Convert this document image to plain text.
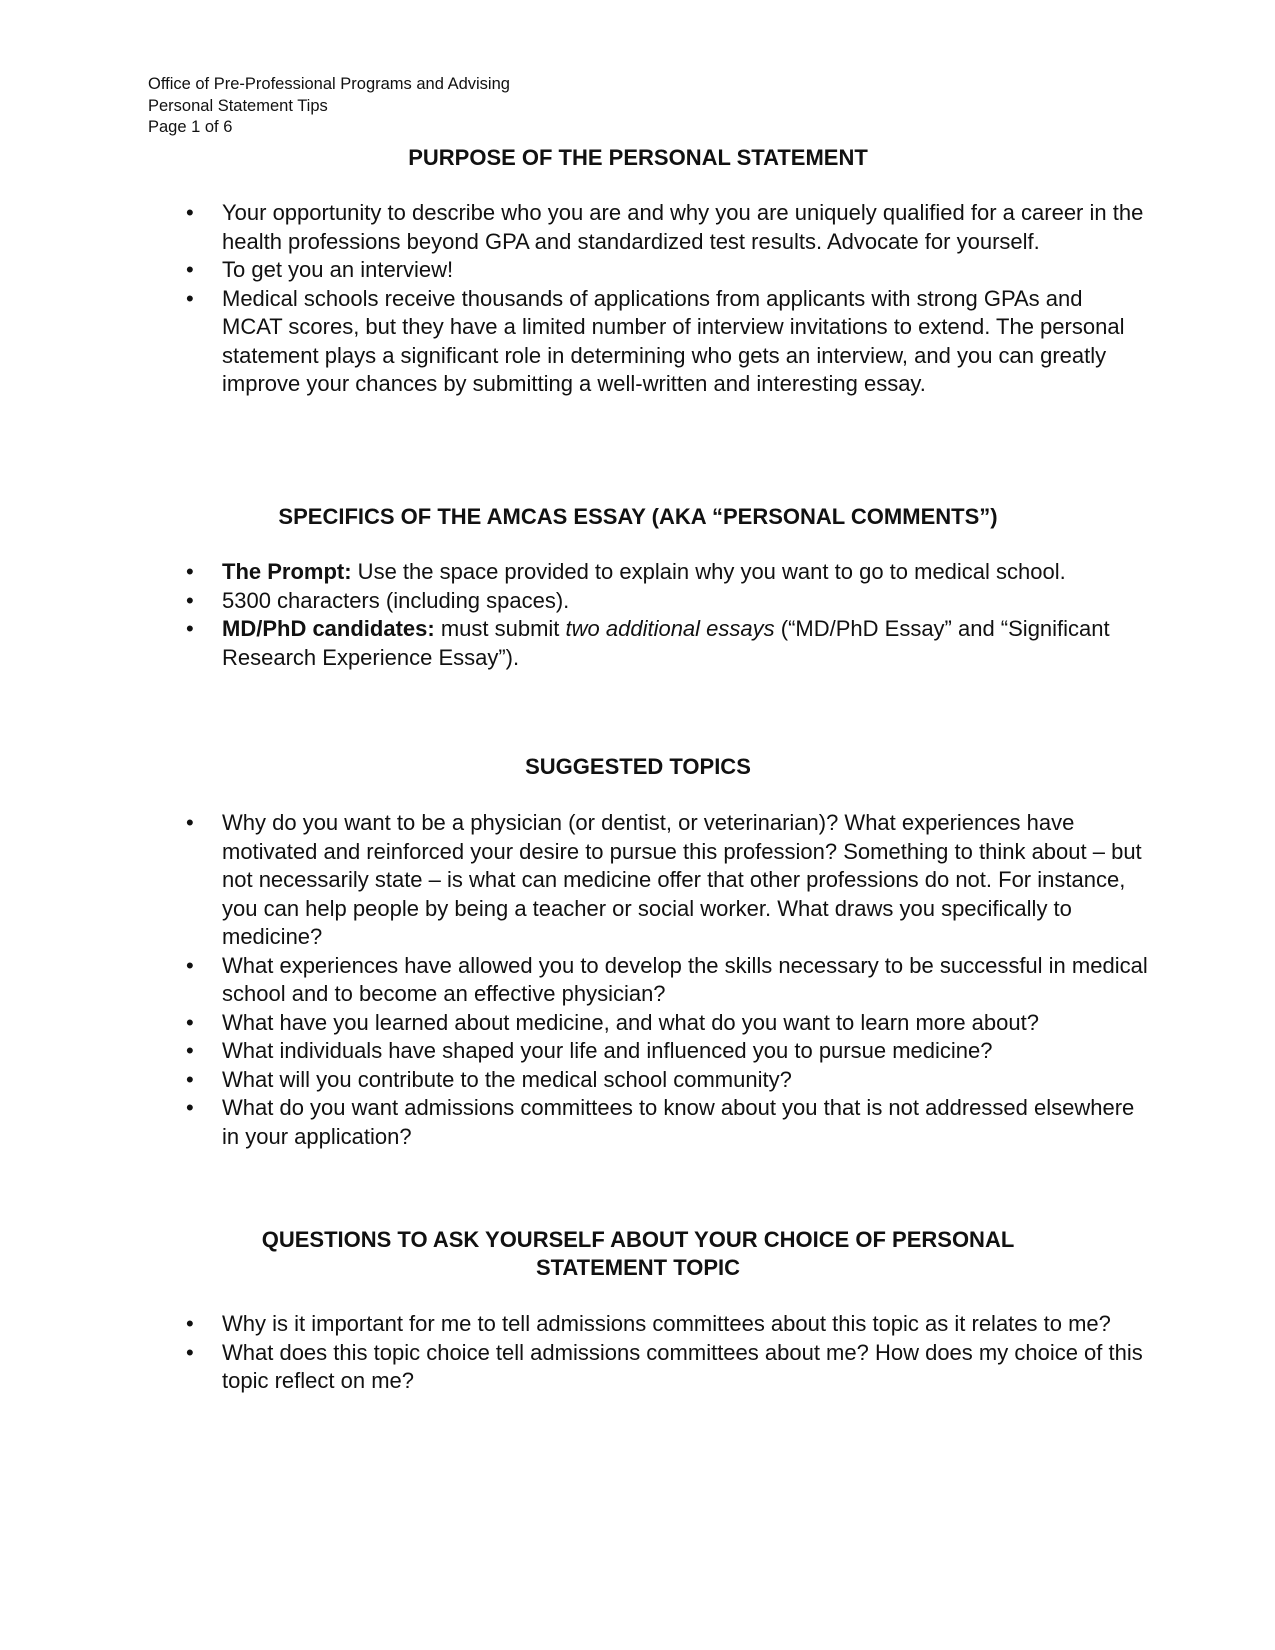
Office of Pre-Professional Programs and Advising
Personal Statement Tips
Page 1 of 6
PURPOSE OF THE PERSONAL STATEMENT
• Your opportunity to describe who you are and why you are uniquely qualified for a career in the health professions beyond GPA and standardized test results. Advocate for yourself.
• To get you an interview!
• Medical schools receive thousands of applications from applicants with strong GPAs and MCAT scores, but they have a limited number of interview invitations to extend. The personal statement plays a significant role in determining who gets an interview, and you can greatly improve your chances by submitting a well-written and interesting essay.
SPECIFICS OF THE AMCAS ESSAY (AKA “PERSONAL COMMENTS”)
• The Prompt: Use the space provided to explain why you want to go to medical school.
• 5300 characters (including spaces).
• MD/PhD candidates: must submit two additional essays (“MD/PhD Essay” and “Significant Research Experience Essay”).
SUGGESTED TOPICS
• Why do you want to be a physician (or dentist, or veterinarian)? What experiences have motivated and reinforced your desire to pursue this profession? Something to think about – but not necessarily state – is what can medicine offer that other professions do not. For instance, you can help people by being a teacher or social worker. What draws you specifically to medicine?
• What experiences have allowed you to develop the skills necessary to be successful in medical school and to become an effective physician?
• What have you learned about medicine, and what do you want to learn more about?
• What individuals have shaped your life and influenced you to pursue medicine?
• What will you contribute to the medical school community?
• What do you want admissions committees to know about you that is not addressed elsewhere in your application?
QUESTIONS TO ASK YOURSELF ABOUT YOUR CHOICE OF PERSONAL
STATEMENT TOPIC
• Why is it important for me to tell admissions committees about this topic as it relates to me?
• What does this topic choice tell admissions committees about me? How does my choice of this topic reflect on me?
